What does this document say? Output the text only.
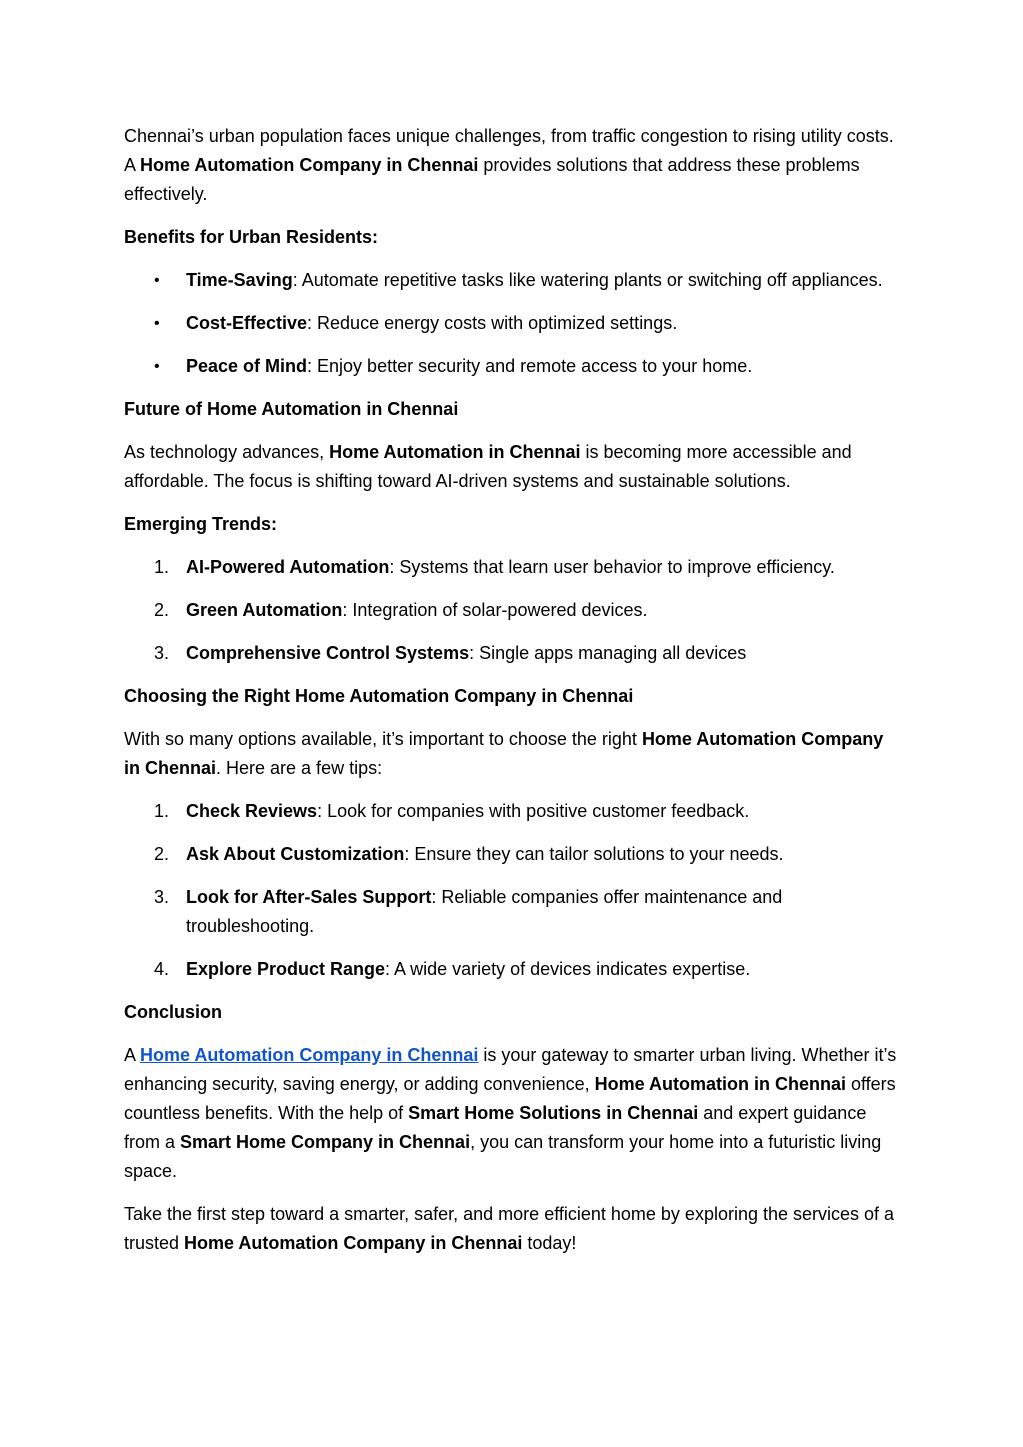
Chennai’s urban population faces unique challenges, from traffic congestion to rising utility costs. A Home Automation Company in Chennai provides solutions that address these problems effectively.

Benefits for Urban Residents:
•	Time-Saving: Automate repetitive tasks like watering plants or switching off appliances.
•	Cost-Effective: Reduce energy costs with optimized settings.
•	Peace of Mind: Enjoy better security and remote access to your home.
Future of Home Automation in Chennai

As technology advances, Home Automation in Chennai is becoming more accessible and affordable. The focus is shifting toward AI-driven systems and sustainable solutions.

Emerging Trends:
1. AI-Powered Automation: Systems that learn user behavior to improve efficiency.
2. Green Automation: Integration of solar-powered devices.
3. Comprehensive Control Systems: Single apps managing all devices
Choosing the Right Home Automation Company in Chennai

With so many options available, it’s important to choose the right Home Automation Company in Chennai. Here are a few tips:

1. Check Reviews: Look for companies with positive customer feedback.
2. Ask About Customization: Ensure they can tailor solutions to your needs.
3. Look for After-Sales Support: Reliable companies offer maintenance and troubleshooting.
4. Explore Product Range: A wide variety of devices indicates expertise.
Conclusion

A Home Automation Company in Chennai is your gateway to smarter urban living. Whether it’s enhancing security, saving energy, or adding convenience, Home Automation in Chennai offers countless benefits. With the help of Smart Home Solutions in Chennai and expert guidance from a Smart Home Company in Chennai, you can transform your home into a futuristic living space.

Take the first step toward a smarter, safer, and more efficient home by exploring the services of a trusted Home Automation Company in Chennai today!
